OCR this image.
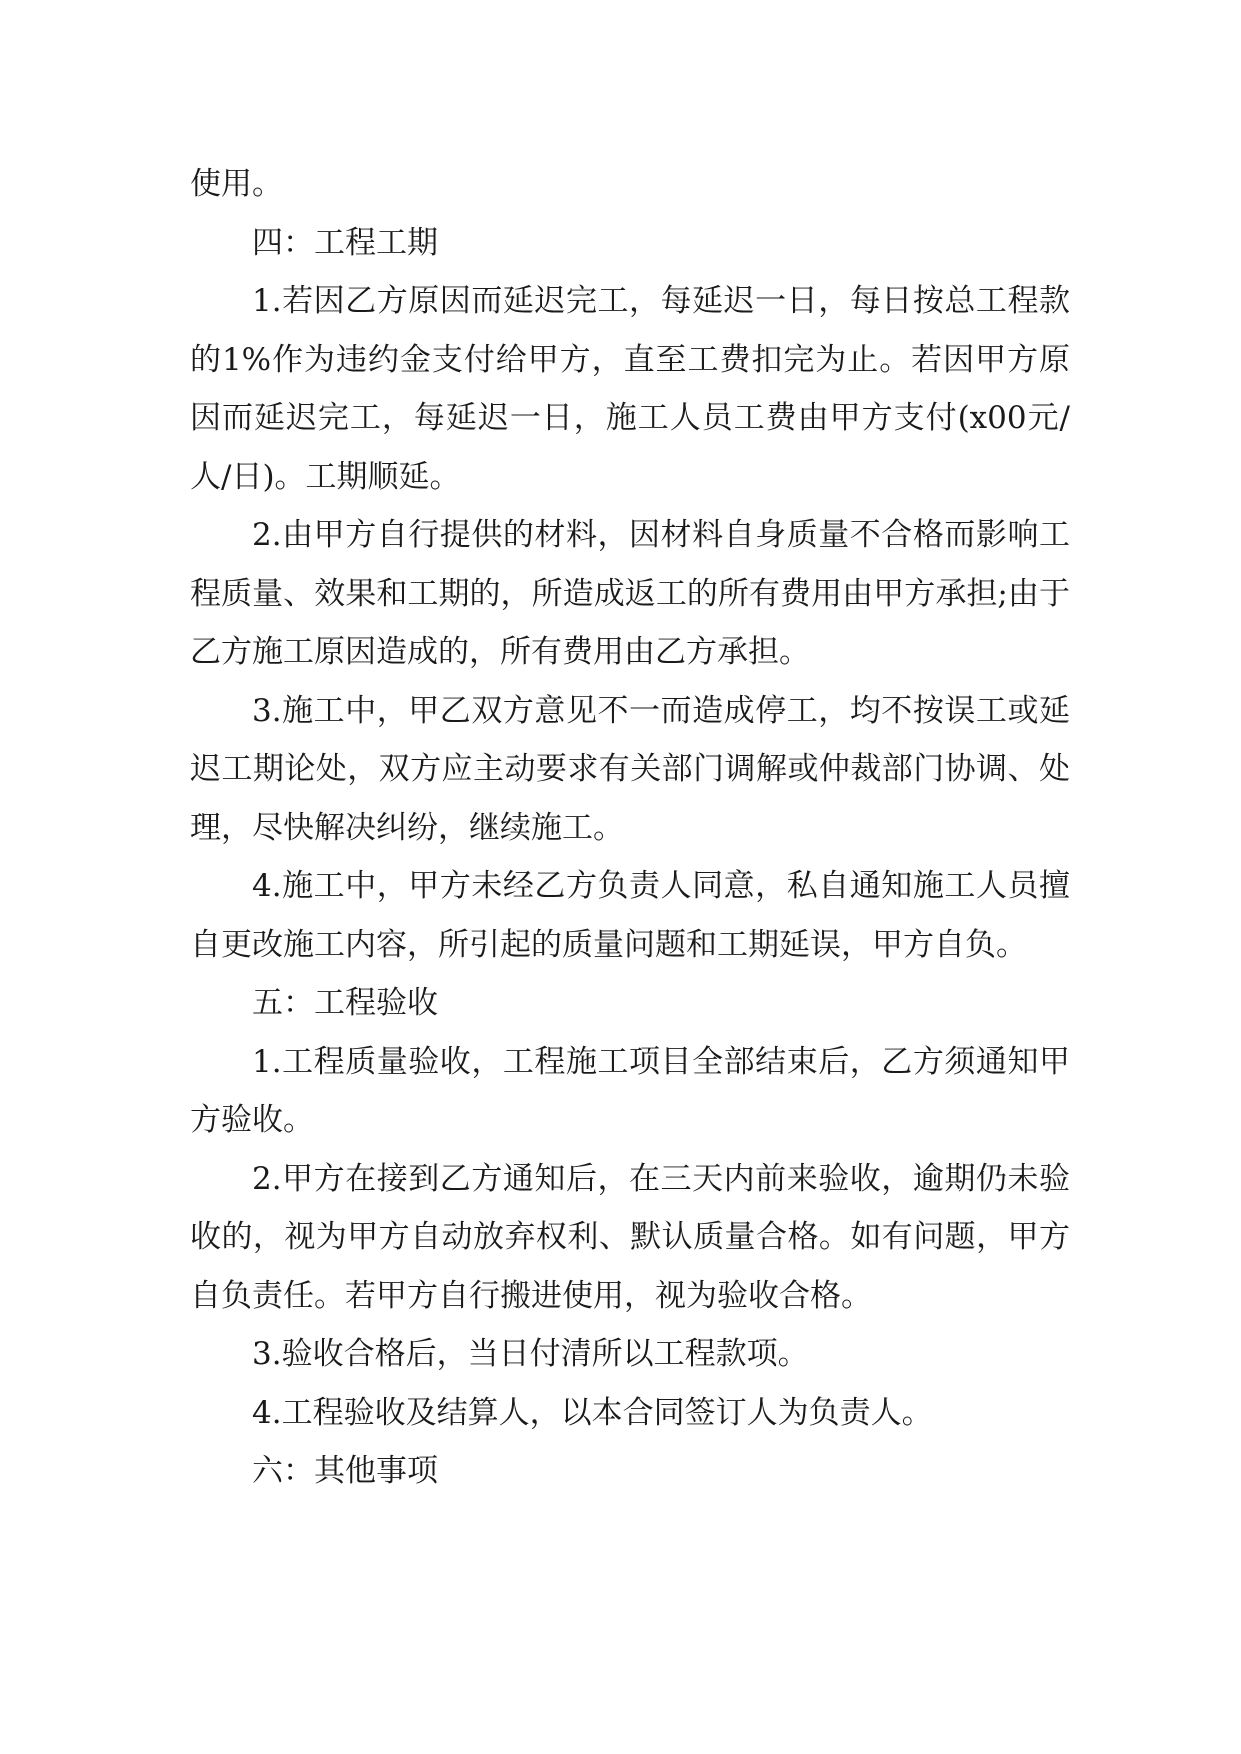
使用。

四：工程工期

1.若因乙方原因而延迟完工，每延迟一日，每日按总工程款的1%作为违约金支付给甲方，直至工费扣完为止。若因甲方原因而延迟完工，每延迟一日，施工人员工费由甲方支付(x00元/人/日)。工期顺延。

2.由甲方自行提供的材料，因材料自身质量不合格而影响工程质量、效果和工期的，所造成返工的所有费用由甲方承担;由于乙方施工原因造成的，所有费用由乙方承担。

3.施工中，甲乙双方意见不一而造成停工，均不按误工或延迟工期论处，双方应主动要求有关部门调解或仲裁部门协调、处理，尽快解决纠纷，继续施工。

4.施工中，甲方未经乙方负责人同意，私自通知施工人员擅自更改施工内容，所引起的质量问题和工期延误，甲方自负。

五：工程验收

1.工程质量验收，工程施工项目全部结束后，乙方须通知甲方验收。

2.甲方在接到乙方通知后，在三天内前来验收，逾期仍未验收的，视为甲方自动放弃权利、默认质量合格。如有问题，甲方自负责任。若甲方自行搬进使用，视为验收合格。

3.验收合格后，当日付清所以工程款项。

4.工程验收及结算人，以本合同签订人为负责人。

六：其他事项
